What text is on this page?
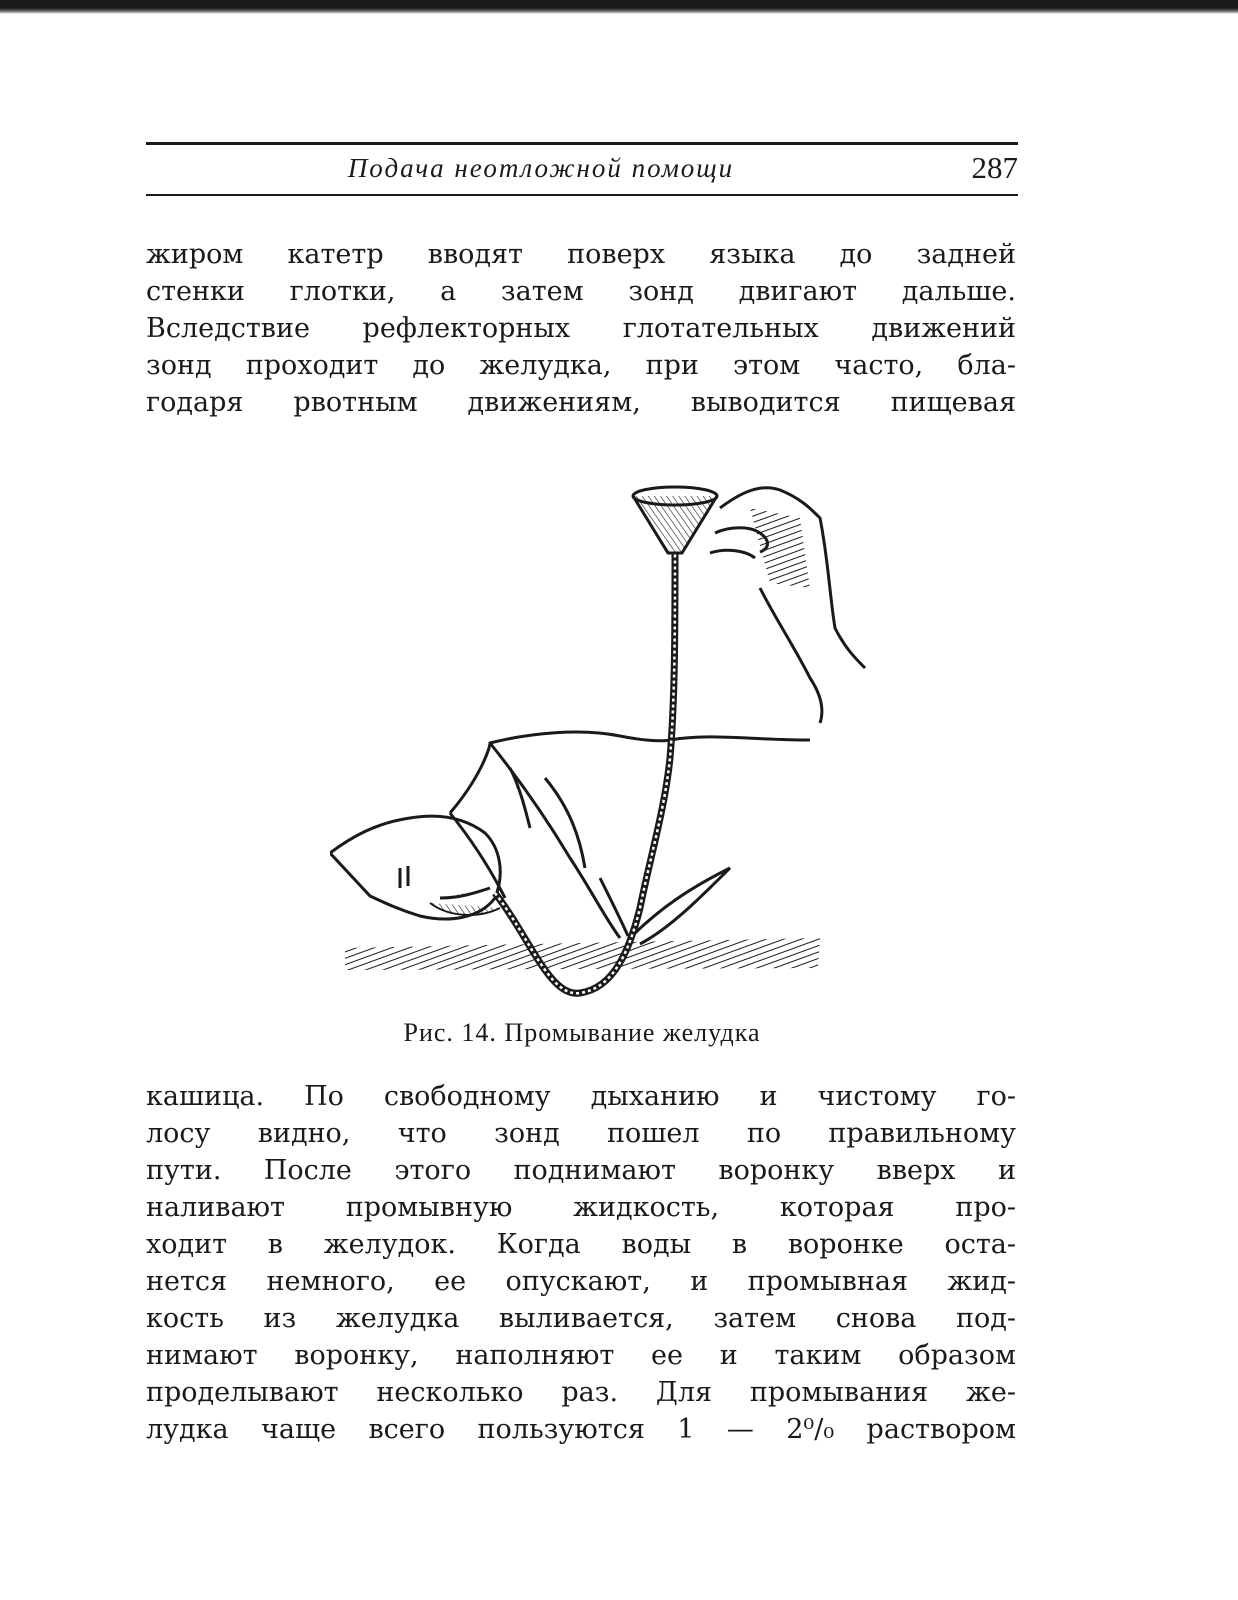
Подача неотложной помощи	287
жиром катетр вводят поверх языка до задней
стенки глотки, а затем зонд двигают дальше.
Вследствие рефлекторных глотательных движений
зонд проходит до желудка, при этом часто, бла-
годаря рвотным движениям, выводится пищевая
Рис. 14. Промывание желудка
кашица. По свободному дыханию и чистому го-
лосу видно, что зонд пошел по правильному
пути. После этого поднимают воронку вверх и
наливают промывную жидкость, которая про-
ходит в желудок. Когда воды в воронке оста-
нется немного, ее опускают, и промывная жид-
кость из желудка выливается, затем снова под-
нимают воронку, наполняют ее и таким образом
проделывают несколько раз. Для промывания же-
лудка чаще всего пользуются 1 — 2⁰/₀ раствором
